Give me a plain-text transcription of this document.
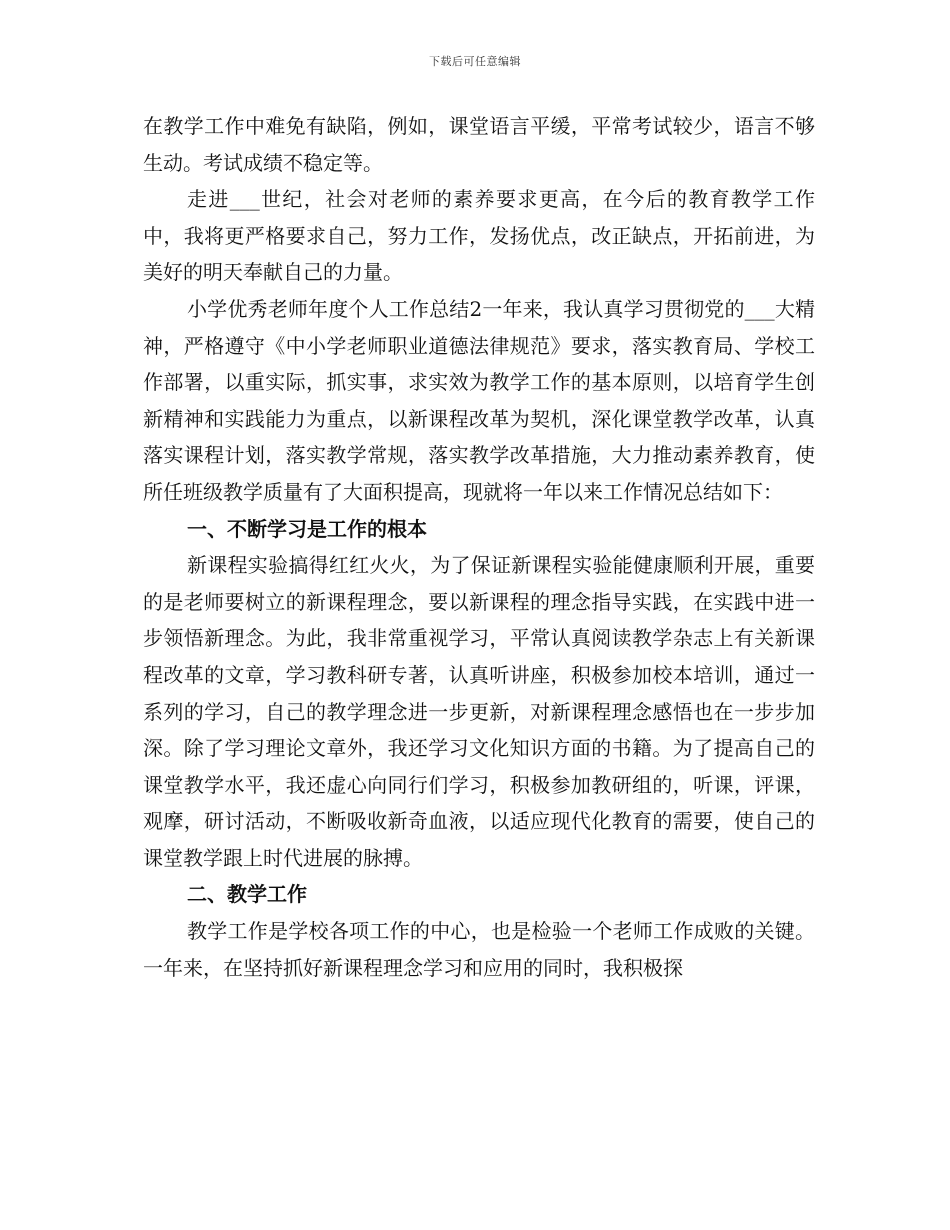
下载后可任意编辑

在教学工作中难免有缺陷，例如，课堂语言平缓，平常考试较少，语言不够生动。考试成绩不稳定等。

走进___世纪，社会对老师的素养要求更高，在今后的教育教学工作中，我将更严格要求自己，努力工作，发扬优点，改正缺点，开拓前进，为美好的明天奉献自己的力量。

小学优秀老师年度个人工作总结2一年来，我认真学习贯彻党的___大精神，严格遵守《中小学老师职业道德法律规范》要求，落实教育局、学校工作部署，以重实际，抓实事，求实效为教学工作的基本原则，以培育学生创新精神和实践能力为重点，以新课程改革为契机，深化课堂教学改革，认真落实课程计划，落实教学常规，落实教学改革措施，大力推动素养教育，使所任班级教学质量有了大面积提高，现就将一年以来工作情况总结如下：

一、不断学习是工作的根本

新课程实验搞得红红火火，为了保证新课程实验能健康顺利开展，重要的是老师要树立的新课程理念，要以新课程的理念指导实践，在实践中进一步领悟新理念。为此，我非常重视学习，平常认真阅读教学杂志上有关新课程改革的文章，学习教科研专著，认真听讲座，积极参加校本培训，通过一系列的学习，自己的教学理念进一步更新，对新课程理念感悟也在一步步加深。除了学习理论文章外，我还学习文化知识方面的书籍。为了提高自己的课堂教学水平，我还虚心向同行们学习，积极参加教研组的，听课，评课，观摩，研讨活动，不断吸收新奇血液，以适应现代化教育的需要，使自己的课堂教学跟上时代进展的脉搏。

二、教学工作

教学工作是学校各项工作的中心，也是检验一个老师工作成败的关键。一年来，在坚持抓好新课程理念学习和应用的同时，我积极探
